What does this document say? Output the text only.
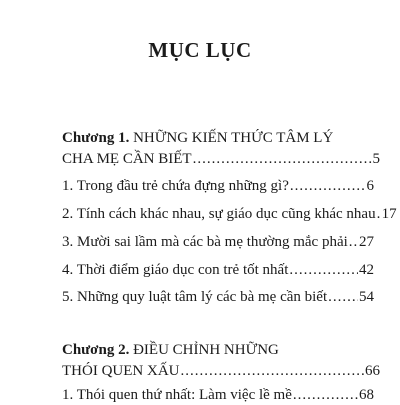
MỤC LỤC
Chương 1. NHỮNG KIẾN THỨC TÂM LÝ
CHA MẸ CẦN BIẾT .....	5
1. Trong đầu trẻ chứa đựng những gì? .....	6
2. Tính cách khác nhau, sự giáo dục cũng khác nhau ..... 17
3. Mười sai lầm mà các bà mẹ thường mắc phải ..... 27
4. Thời điểm giáo dục con trẻ tốt nhất .....	42
5. Những quy luật tâm lý các bà mẹ cần biết ..... 54
Chương 2. ĐIỀU CHỈNH NHỮNG
THÓI QUEN XẤU .....	66
1. Thói quen thứ nhất: Làm việc lề mề .....	68
